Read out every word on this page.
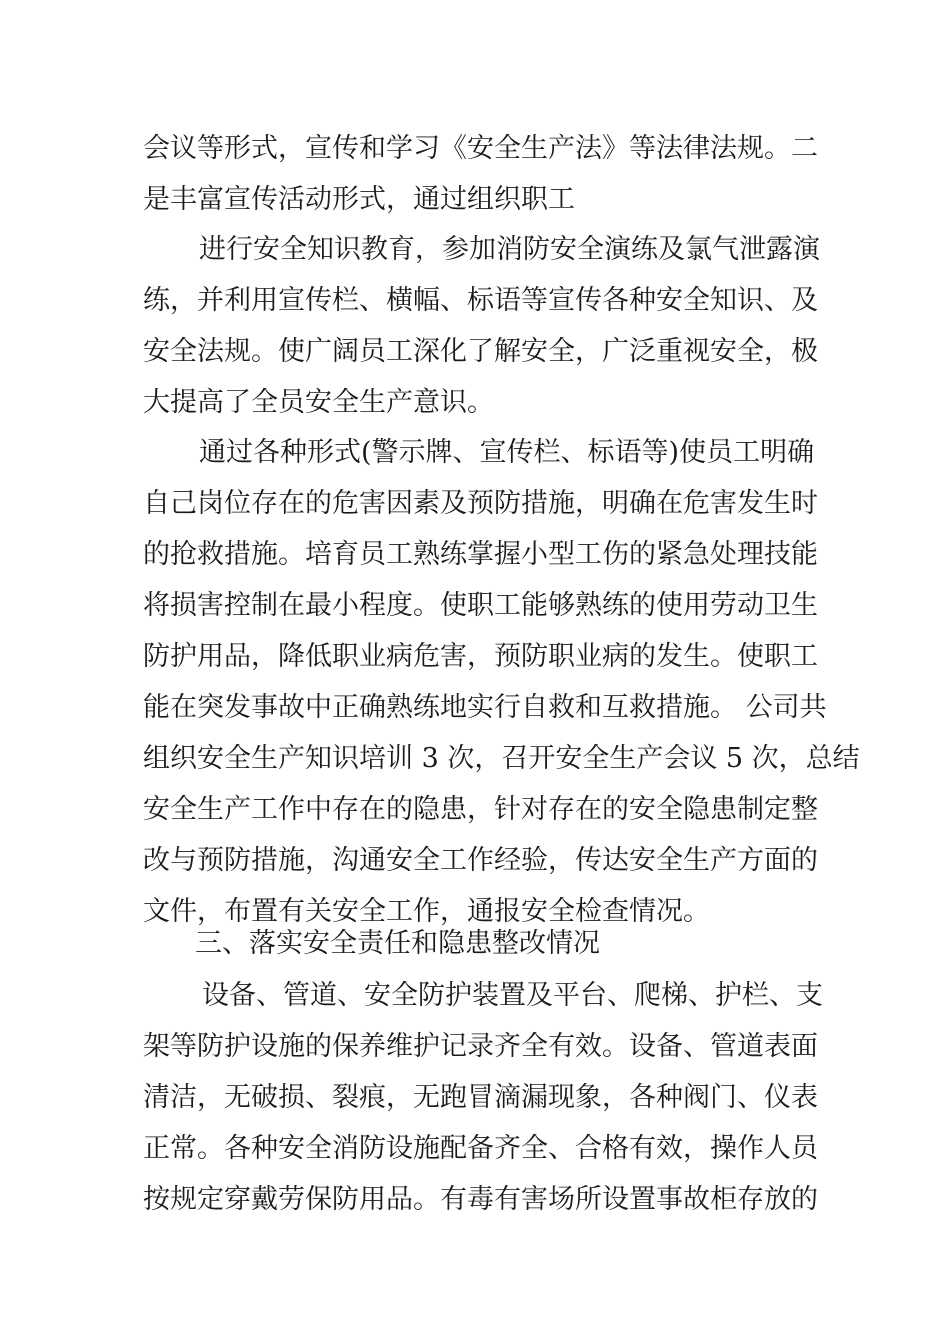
会议等形式，宣传和学习《安全生产法》等法律法规。二
是丰富宣传活动形式，通过组织职工
进行安全知识教育，参加消防安全演练及氯气泄露演
练，并利用宣传栏、横幅、标语等宣传各种安全知识、及
安全法规。使广阔员工深化了解安全，广泛重视安全，极
大提高了全员安全生产意识。
通过各种形式(警示牌、宣传栏、标语等)使员工明确
自己岗位存在的危害因素及预防措施，明确在危害发生时
的抢救措施。培育员工熟练掌握小型工伤的紧急处理技能
将损害控制在最小程度。使职工能够熟练的使用劳动卫生
防护用品，降低职业病危害，预防职业病的发生。使职工
能在突发事故中正确熟练地实行自救和互救措施。 公司共
组织安全生产知识培训 3 次，召开安全生产会议 5 次，总结
安全生产工作中存在的隐患，针对存在的安全隐患制定整
改与预防措施，沟通安全工作经验，传达安全生产方面的
文件，布置有关安全工作，通报安全检查情况。
三、落实安全责任和隐患整改情况
设备、管道、安全防护装置及平台、爬梯、护栏、支
架等防护设施的保养维护记录齐全有效。设备、管道表面
清洁，无破损、裂痕，无跑冒滴漏现象，各种阀门、仪表
正常。各种安全消防设施配备齐全、合格有效，操作人员
按规定穿戴劳保防用品。有毒有害场所设置事故柜存放的
